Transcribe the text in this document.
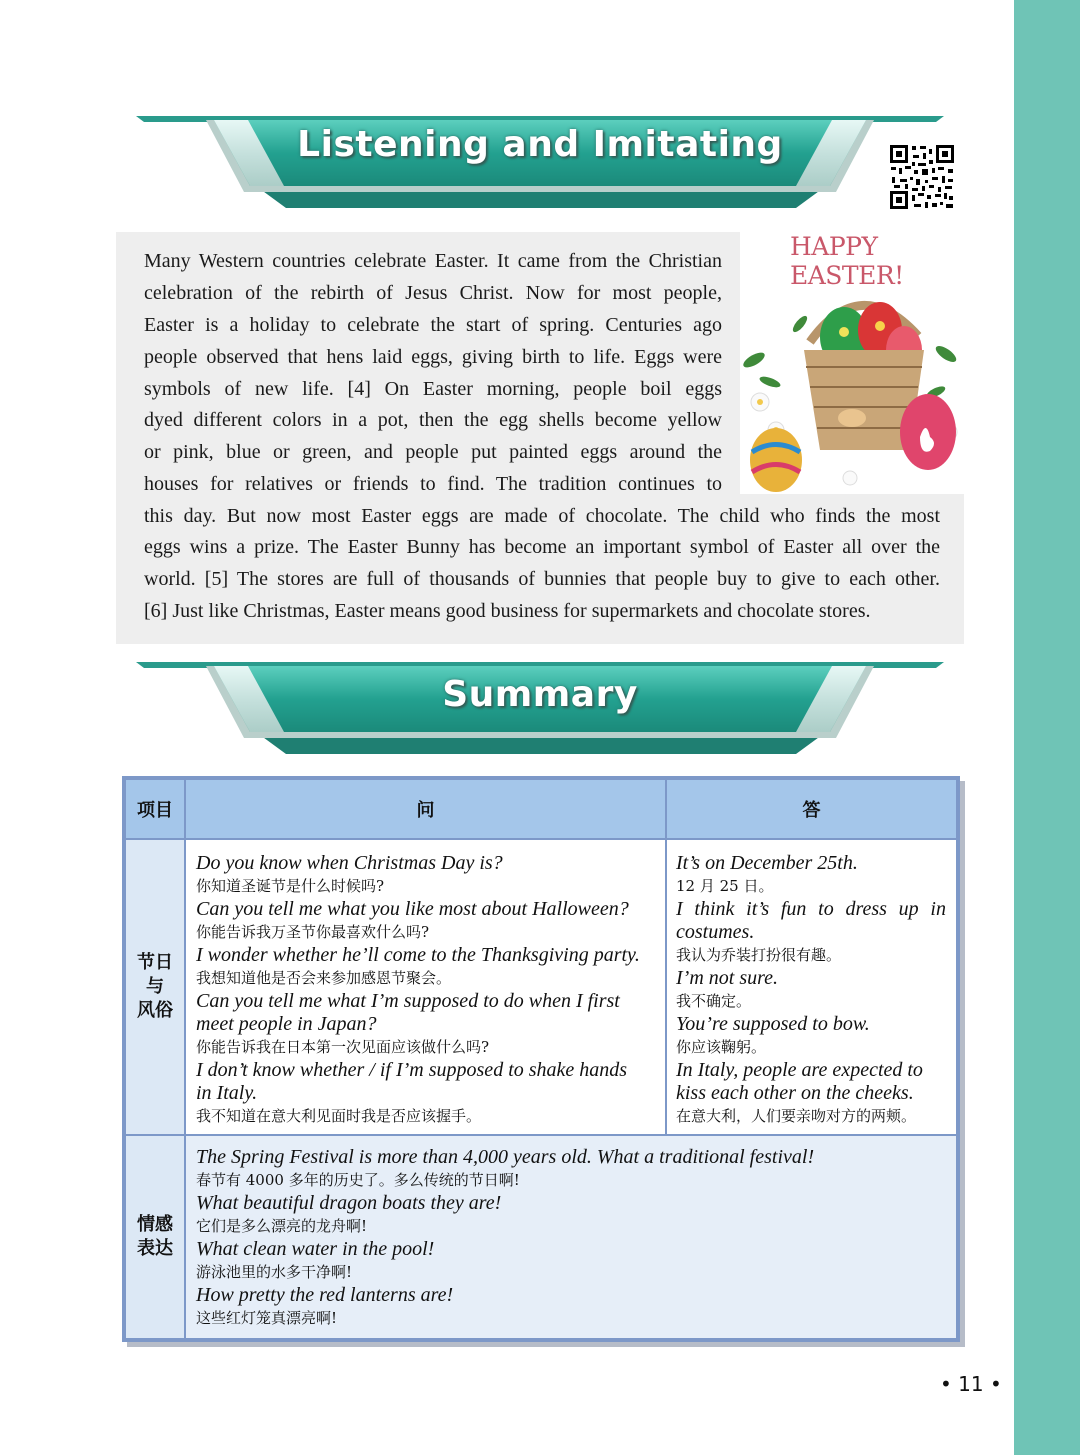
Listening and Imitating
HAPPY EASTER!
Many Western countries celebrate Easter. It came from the Christian
celebration of the rebirth of Jesus Christ. Now for most people,
Easter is a holiday to celebrate the start of spring. Centuries ago
people observed that hens laid eggs, giving birth to life. Eggs were
symbols of new life. [4] On Easter morning, people boil eggs
dyed different colors in a pot, then the egg shells become yellow
or pink, blue or green, and people put painted eggs around the
houses for relatives or friends to find. The tradition continues to
this day. But now most Easter eggs are made of chocolate. The child who finds the most
eggs wins a prize. The Easter Bunny has become an important symbol of Easter all over the
world. [5] The stores are full of thousands of bunnies that people buy to give to each other.
[6] Just like Christmas, Easter means good business for supermarkets and chocolate stores.
Summary
项目	问	答
节日
与
风俗
Do you know when Christmas Day is?
你知道圣诞节是什么时候吗?
Can you tell me what you like most about Halloween?
你能告诉我万圣节你最喜欢什么吗?
I wonder whether he’ll come to the Thanksgiving party.
我想知道他是否会来参加感恩节聚会。
Can you tell me what I’m supposed to do when I first
meet people in Japan?
你能告诉我在日本第一次见面应该做什么吗?
I don’t know whether / if I’m supposed to shake hands
in Italy.
我不知道在意大利见面时我是否应该握手。
It’s on December 25th.
12 月 25 日。
I think it’s fun to dress up in
costumes.
我认为乔装打扮很有趣。
I’m not sure.
我不确定。
You’re supposed to bow.
你应该鞠躬。
In Italy, people are expected to
kiss each other on the cheeks.
在意大利，人们要亲吻对方的两颊。
情感
表达
The Spring Festival is more than 4,000 years old. What a traditional festival!
春节有 4000 多年的历史了。多么传统的节日啊!
What beautiful dragon boats they are!
它们是多么漂亮的龙舟啊!
What clean water in the pool!
游泳池里的水多干净啊!
How pretty the red lanterns are!
这些红灯笼真漂亮啊!
• 11 •
